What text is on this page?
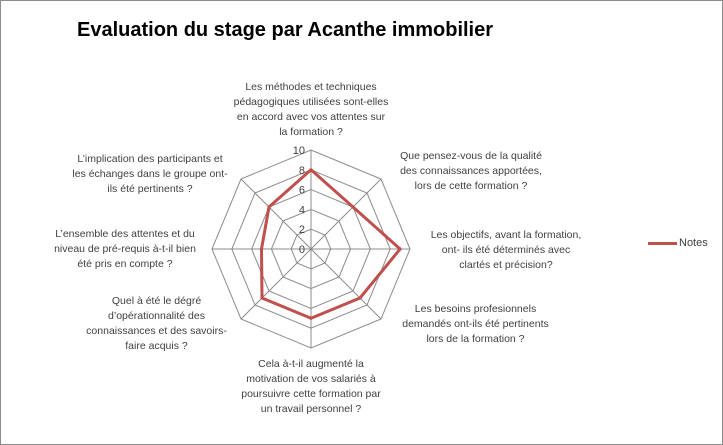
Evaluation du stage par Acanthe immobilier
0
2
4
6
8
10
Les méthodes et techniques
pédagogiques utilisées sont-elles
en accord avec vos attentes sur
la formation ?
Que pensez-vous de la qualité
des connaissances apportées,
lors de cette formation ?
Les objectifs, avant la formation,
ont- ils été déterminés avec
clartés et précision?
Les besoins profesionnels
demandés ont-ils été pertinents
lors de la formation ?
Cela à-t-il augmenté la
motivation de vos salariés à
poursuivre cette formation par
un travail personnel ?
Quel à été le dégré
d’opérationnalité des
connaissances et des savoirs-
faire acquis ?
L’ensemble des attentes et du
niveau de pré-requis à-t-il bien
été pris en compte ?
L’implication des participants et
les échanges dans le groupe ont-
ils été pertinents ?
Notes
